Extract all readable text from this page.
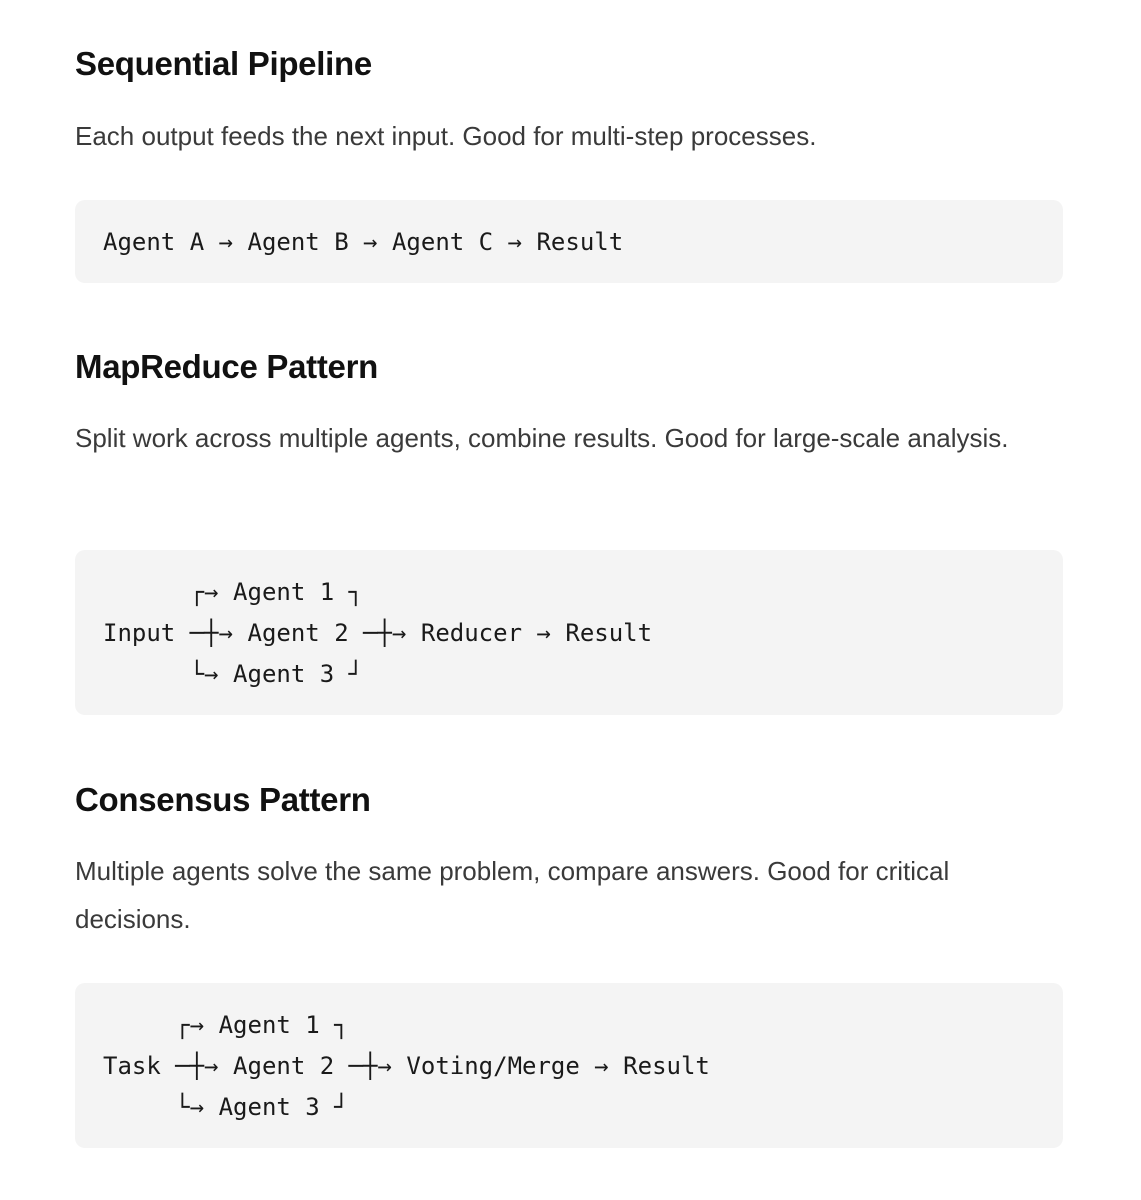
Sequential Pipeline

Each output feeds the next input. Good for multi-step processes.

Agent A → Agent B → Agent C → Result
MapReduce Pattern

Split work across multiple agents, combine results. Good for large-scale analysis.

┌→ Agent 1 ┐
Input ─┼→ Agent 2 ─┼→ Reducer → Result
└→ Agent 3 ┘
Consensus Pattern

Multiple agents solve the same problem, compare answers. Good for critical decisions.

┌→ Agent 1 ┐
Task ─┼→ Agent 2 ─┼→ Voting/Merge → Result
└→ Agent 3 ┘
